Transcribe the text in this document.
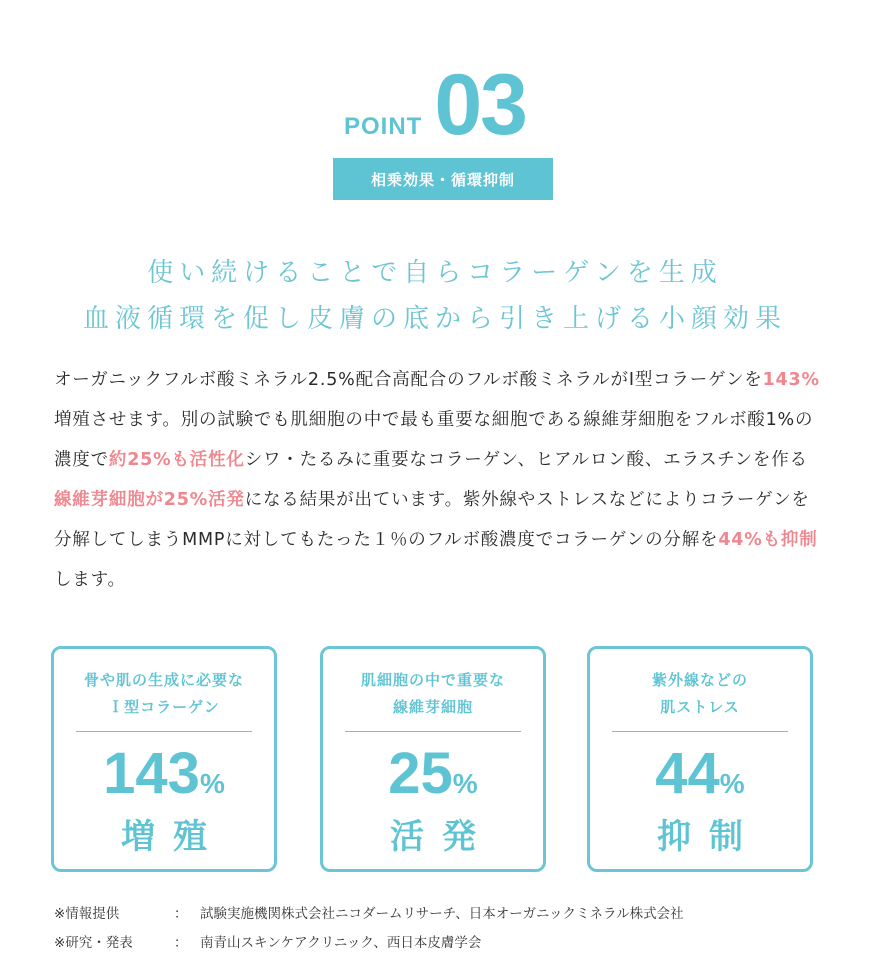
POINT 03
相乗効果・循環抑制
使い続けることで自らコラーゲンを生成
血液循環を促し皮膚の底から引き上げる小顔効果
オーガニックフルボ酸ミネラル2.5%配合高配合のフルボ酸ミネラルがI型コラーゲンを143%増殖させます。別の試験でも肌細胞の中で最も重要な細胞である線維芽細胞をフルボ酸1%の濃度で約25%も活性化シワ・たるみに重要なコラーゲン、ヒアルロン酸、エラスチンを作る線維芽細胞が25%活発になる結果が出ています。紫外線やストレスなどによりコラーゲンを分解してしまうMMPに対してもたった１％のフルボ酸濃度でコラーゲンの分解を44%も抑制します。
骨や肌の生成に必要な
Ｉ型コラーゲン
143%
増殖
肌細胞の中で重要な
線維芽細胞
25%
活発
紫外線などの
肌ストレス
44%
抑制
※情報提供	： 試験実施機関株式会社ニコダームリサーチ、日本オーガニックミネラル株式会社
※研究・発表	： 南青山スキンケアクリニック、西日本皮膚学会
